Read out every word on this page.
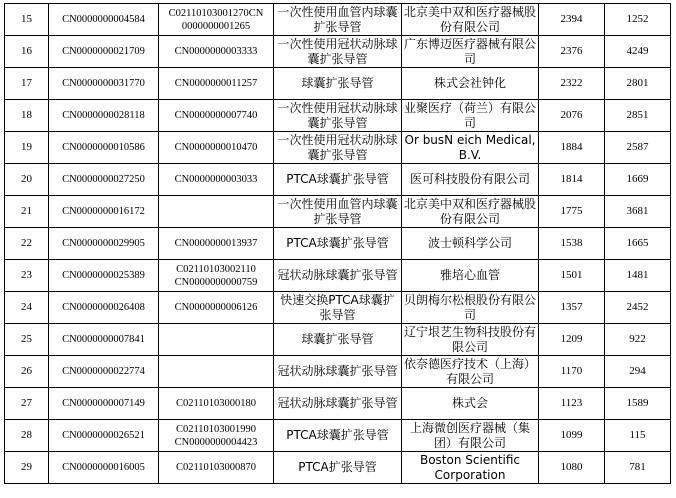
15	CN0000000004584	C02110103001270CN
0000000001265	一次性使用血管内球囊扩张导管	北京美中双和医疗器械股份有限公司	2394	1252
16	CN0000000021709	CN0000000003333	一次性使用冠状动脉球囊扩张导管	广东博迈医疗器械有限公司	2376	4249
17	CN0000000031770	CN0000000011257	球囊扩张导管	株式会社钟化	2322	2801
18	CN0000000028118	CN0000000007740	一次性使用冠状动脉球囊扩张导管	业聚医疗（荷兰）有限公司	2076	2851
19	CN0000000010586	CN0000000010470	一次性使用冠状动脉球囊扩张导管	Or busN eich Medical, B.V.	1884	2587
20	CN0000000027250	CN0000000003033	PTCA球囊扩张导管	医可科技股份有限公司	1814	1669
21	CN0000000016172		一次性使用血管内球囊扩张导管	北京美中双和医疗器械股份有限公司	1775	3681
22	CN0000000029905	CN0000000013937	PTCA球囊扩张导管	波士顿科学公司	1538	1665
23	CN0000000025389	C02110103002110
CN0000000000759	冠状动脉球囊扩张导管	雅培心血管	1501	1481
24	CN0000000026408	CN0000000006126	快速交换PTCA球囊扩张导管	贝朗梅尔松根股份有限公司	1357	2452
25	CN0000000007841		球囊扩张导管	辽宁垠艺生物科技股份有限公司	1209	922
26	CN0000000022774		冠状动脉球囊扩张导管	依奈德医疗技术（上海）有限公司	1170	294
27	CN0000000007149	C02110103000180	冠状动脉球囊扩张导管	株式会	1123	1589
28	CN0000000026521	C02110103001990
CN0000000004423	PTCA球囊扩张导管	上海微创医疗器械（集团）有限公司	1099	115
29	CN0000000016005	C02110103000870	PTCA扩张导管	Boston Scientific Corporation	1080	781
